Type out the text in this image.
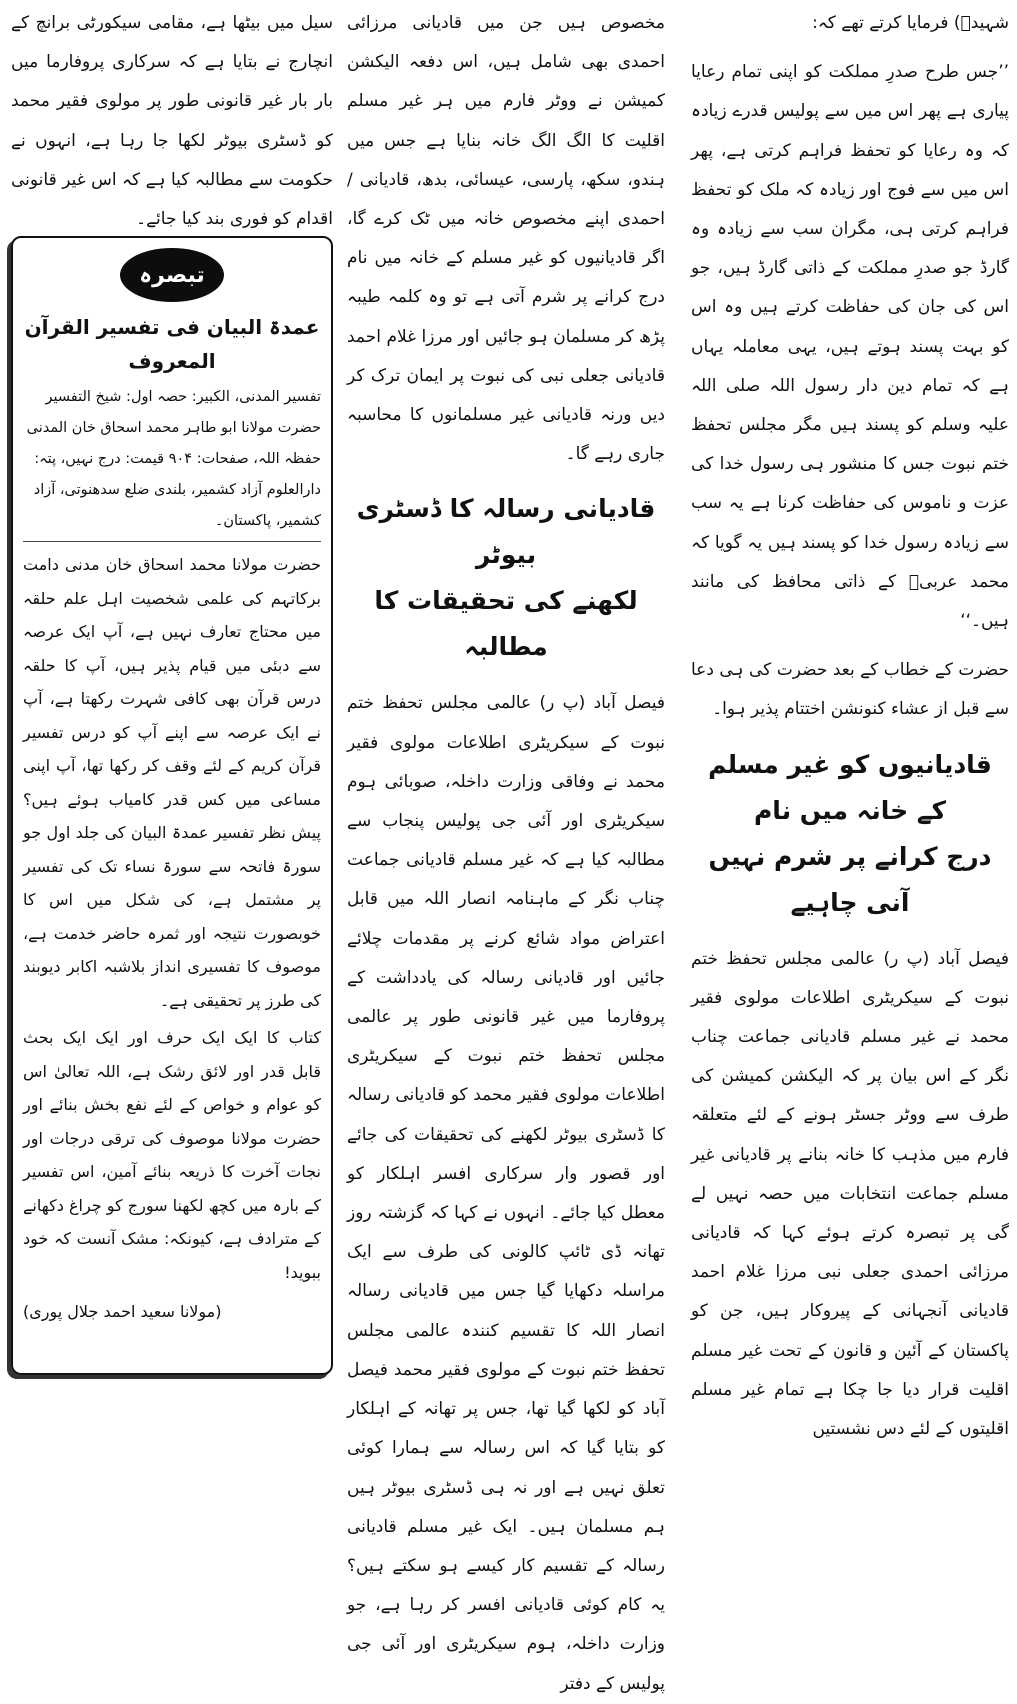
شہیدؒ) فرمایا کرتے تھے کہ:

’’جس طرح صدرِ مملکت کو اپنی تمام رعایا پیاری ہے پھر اس میں سے پولیس قدرے زیادہ کہ وہ رعایا کو تحفظ فراہم کرتی ہے، پھر اس میں سے فوج اور زیادہ کہ ملک کو تحفظ فراہم کرتی ہی، مگران سب سے زیادہ وہ گارڈ جو صدرِ مملکت کے ذاتی گارڈ ہیں، جو اس کی جان کی حفاظت کرتے ہیں وہ اس کو بہت پسند ہوتے ہیں، یہی معاملہ یہاں ہے کہ تمام دین دار رسول اللہ صلی اللہ علیہ وسلم کو پسند ہیں مگر مجلس تحفظ ختم نبوت جس کا منشور ہی رسول خدا کی عزت و ناموس کی حفاظت کرنا ہے یہ سب سے زیادہ رسول خدا کو پسند ہیں یہ گویا کہ محمد عربیؐ کے ذاتی محافظ کی مانند ہیں۔‘‘

حضرت کے خطاب کے بعد حضرت کی ہی دعا سے قبل از عشاء کنونشن اختتام پذیر ہوا۔

قادیانیوں کو غیر مسلم کے خانہ میں نام
درج کرانے پر شرم نہیں آنی چاہیے

فیصل آباد (پ ر) عالمی مجلس تحفظ ختم نبوت کے سیکریٹری اطلاعات مولوی فقیر محمد نے غیر مسلم قادیانی جماعت چناب نگر کے اس بیان پر کہ الیکشن کمیشن کی طرف سے ووٹر جسٹر ہونے کے لئے متعلقہ فارم میں مذہب کا خانہ بنانے پر قادیانی غیر مسلم جماعت انتخابات میں حصہ نہیں لے گی پر تبصرہ کرتے ہوئے کہا کہ قادیانی مرزائی احمدی جعلی نبی مرزا غلام احمد قادیانی آنجہانی کے پیروکار ہیں، جن کو پاکستان کے آئین و قانون کے تحت غیر مسلم اقلیت قرار دیا جا چکا ہے تمام غیر مسلم اقلیتوں کے لئے دس نشستیں

مخصوص ہیں جن میں قادیانی مرزائی احمدی بھی شامل ہیں، اس دفعہ الیکشن کمیشن نے ووٹر فارم میں ہر غیر مسلم اقلیت کا الگ الگ خانہ بنایا ہے جس میں ہندو، سکھ، پارسی، عیسائی، بدھ، قادیانی / احمدی اپنے مخصوص خانہ میں ٹک کرے گا، اگر قادیانیوں کو غیر مسلم کے خانہ میں نام درج کرانے پر شرم آتی ہے تو وہ کلمہ طیبہ پڑھ کر مسلمان ہو جائیں اور مرزا غلام احمد قادیانی جعلی نبی کی نبوت پر ایمان ترک کر دیں ورنہ قادیانی غیر مسلمانوں کا محاسبہ جاری رہے گا۔

قادیانی رسالہ کا ڈسٹری بیوٹر
لکھنے کی تحقیقات کا مطالبہ

فیصل آباد (پ ر) عالمی مجلس تحفظ ختم نبوت کے سیکریٹری اطلاعات مولوی فقیر محمد نے وفاقی وزارت داخلہ، صوبائی ہوم سیکریٹری اور آئی جی پولیس پنجاب سے مطالبہ کیا ہے کہ غیر مسلم قادیانی جماعت چناب نگر کے ماہنامہ انصار اللہ میں قابل اعتراض مواد شائع کرنے پر مقدمات چلائے جائیں اور قادیانی رسالہ کی یادداشت کے پروفارما میں غیر قانونی طور پر عالمی مجلس تحفظ ختم نبوت کے سیکریٹری اطلاعات مولوی فقیر محمد کو قادیانی رسالہ کا ڈسٹری بیوٹر لکھنے کی تحقیقات کی جائے اور قصور وار سرکاری افسر اہلکار کو معطل کیا جائے۔ انہوں نے کہا کہ گزشتہ روز تھانہ ڈی ٹائپ کالونی کی طرف سے ایک مراسلہ دکھایا گیا جس میں قادیانی رسالہ انصار اللہ کا تقسیم کنندہ عالمی مجلس تحفظ ختم نبوت کے مولوی فقیر محمد فیصل آباد کو لکھا گیا تھا، جس پر تھانہ کے اہلکار کو بتایا گیا کہ اس رسالہ سے ہمارا کوئی تعلق نہیں ہے اور نہ ہی ڈسٹری بیوٹر ہیں ہم مسلمان ہیں۔ ایک غیر مسلم قادیانی رسالہ کے تقسیم کار کیسے ہو سکتے ہیں؟ یہ کام کوئی قادیانی افسر کر رہا ہے، جو وزارت داخلہ، ہوم سیکریٹری اور آئی جی پولیس کے دفتر

سیل میں بیٹھا ہے، مقامی سیکورٹی برانچ کے انچارج نے بتایا ہے کہ سرکاری پروفارما میں بار بار غیر قانونی طور پر مولوی فقیر محمد کو ڈسٹری بیوٹر لکھا جا رہا ہے، انہوں نے حکومت سے مطالبہ کیا ہے کہ اس غیر قانونی اقدام کو فوری بند کیا جائے۔

تبصرہ
عمدۃ البیان فی تفسیر القرآن المعروف
تفسیر المدنی، الکبیر: حصہ اول: شیخ التفسیر حضرت مولانا ابو طاہر محمد اسحاق خان المدنی حفظہ اللہ، صفحات: ۹۰۴ قیمت: درج نہیں، پتہ: دارالعلوم آزاد کشمیر، بلندی ضلع سدھنوتی، آزاد کشمیر، پاکستان۔

حضرت مولانا محمد اسحاق خان مدنی دامت برکاتہم کی علمی شخصیت اہل علم حلقہ میں محتاج تعارف نہیں ہے، آپ ایک عرصہ سے دبئی میں قیام پذیر ہیں، آپ کا حلقہ درس قرآن بھی کافی شہرت رکھتا ہے، آپ نے ایک عرصہ سے اپنے آپ کو درس تفسیر قرآن کریم کے لئے وقف کر رکھا تھا، آپ اپنی مساعی میں کس قدر کامیاب ہوئے ہیں؟ پیش نظر تفسیر عمدۃ البیان کی جلد اول جو سورۃ فاتحہ سے سورۃ نساء تک کی تفسیر پر مشتمل ہے، کی شکل میں اس کا خوبصورت نتیجہ اور ثمرہ حاضر خدمت ہے، موصوف کا تفسیری انداز بلاشبہ اکابر دیوبند کی طرز پر تحقیقی ہے۔

کتاب کا ایک ایک حرف اور ایک ایک بحث قابل قدر اور لائق رشک ہے، اللہ تعالیٰ اس کو عوام و خواص کے لئے نفع بخش بنائے اور حضرت مولانا موصوف کی ترقی درجات اور نجات آخرت کا ذریعہ بنائے آمین، اس تفسیر کے بارہ میں کچھ لکھنا سورج کو چراغ دکھانے کے مترادف ہے، کیونکہ: مشک آنست کہ خود ببوید!

(مولانا سعید احمد جلال پوری)
